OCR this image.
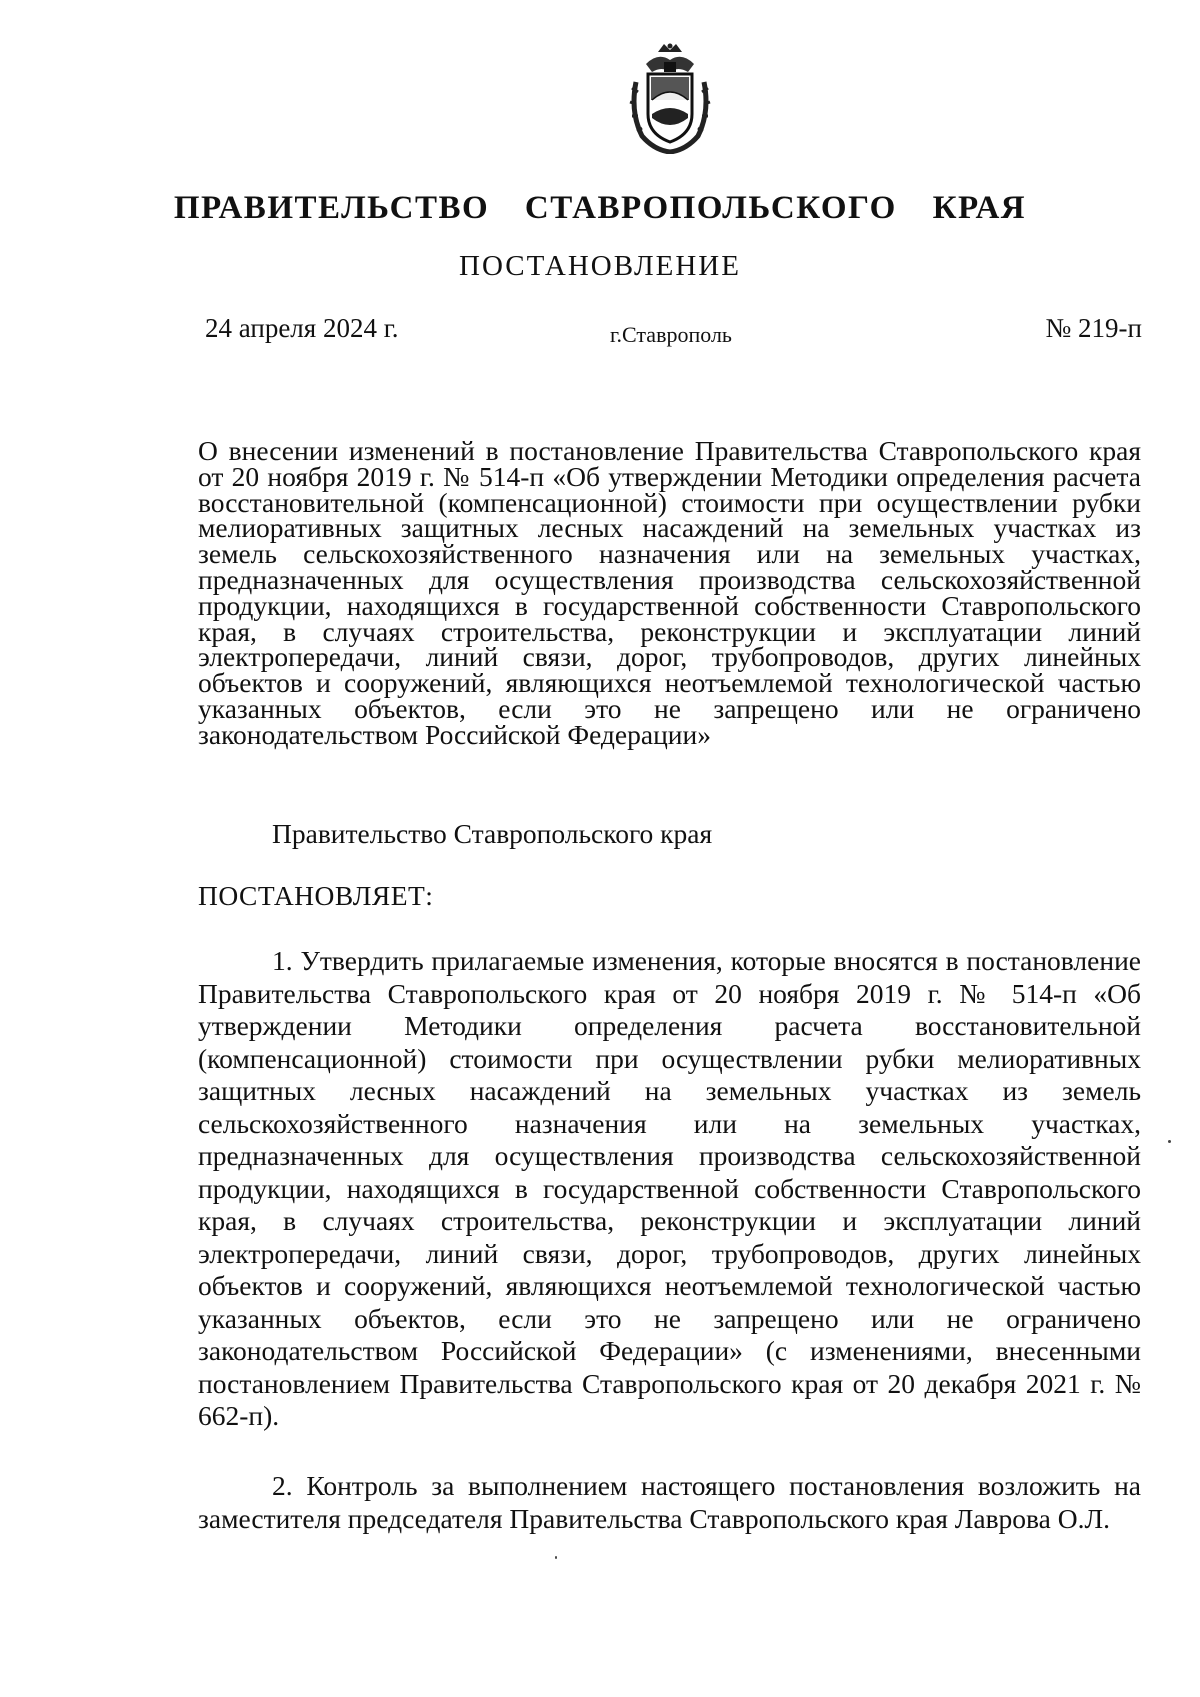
ПРАВИТЕЛЬСТВО СТАВРОПОЛЬСКОГО КРАЯ
ПОСТАНОВЛЕНИЕ
24 апреля 2024 г.	г.Ставрополь	№ 219-п
О внесении изменений в постановление Правительства Ставропольского края от 20 ноября 2019 г. № 514-п «Об утверждении Методики определения расчета восстановительной (компенсационной) стоимости при осуществлении рубки мелиоративных защитных лесных насаждений на земельных участках из земель сельскохозяйственного назначения или на земельных участках, предназначенных для осуществления производства сельскохозяйственной продукции, находящихся в государственной собственности Ставропольского края, в случаях строительства, реконструкции и эксплуатации линий электропередачи, линий связи, дорог, трубопроводов, других линейных объектов и сооружений, являющихся неотъемлемой технологической частью указанных объектов, если это не запрещено или не ограничено законодательством Российской Федерации»
Правительство Ставропольского края
ПОСТАНОВЛЯЕТ:
1. Утвердить прилагаемые изменения, которые вносятся в постановление Правительства Ставропольского края от 20 ноября 2019 г. № 514-п «Об утверждении Методики определения расчета восстановительной (компенсационной) стоимости при осуществлении рубки мелиоративных защитных лесных насаждений на земельных участках из земель сельскохозяйственного назначения или на земельных участках, предназначенных для осуществления производства сельскохозяйственной продукции, находящихся в государственной собственности Ставропольского края, в случаях строительства, реконструкции и эксплуатации линий электропередачи, линий связи, дорог, трубопроводов, других линейных объектов и сооружений, являющихся неотъемлемой технологической частью указанных объектов, если это не запрещено или не ограничено законодательством Российской Федерации» (с изменениями, внесенными постановлением Правительства Ставропольского края от 20 декабря 2021 г. № 662-п).
2. Контроль за выполнением настоящего постановления возложить на заместителя председателя Правительства Ставропольского края Лаврова О.Л.
